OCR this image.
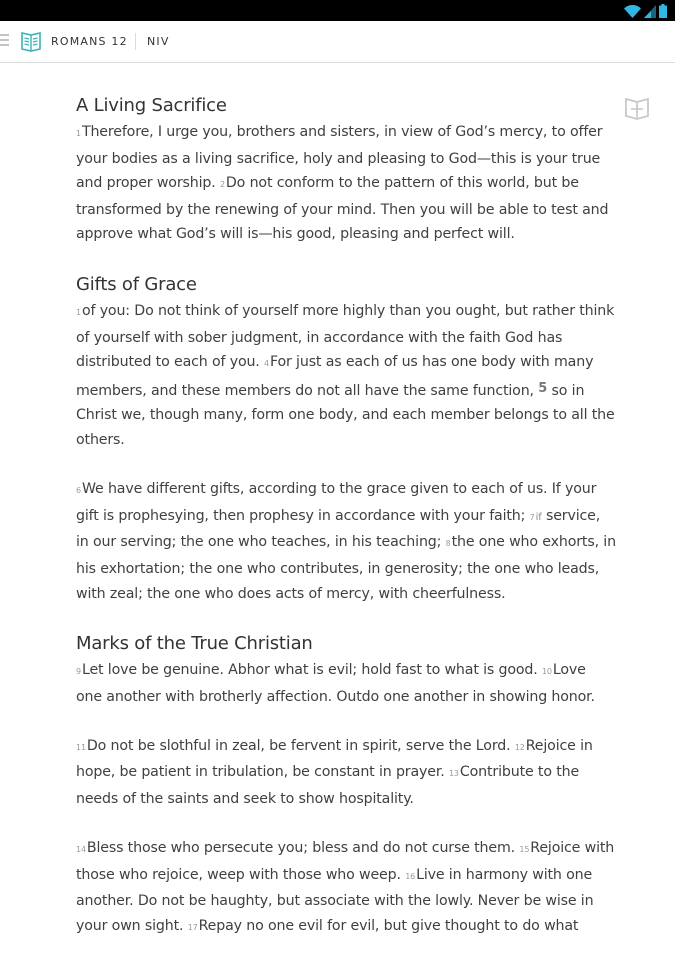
ROMANS 12 NIV
A Living Sacrifice

1Therefore, I urge you, brothers and sisters, in view of God’s mercy, to offer your bodies as a living sacrifice, holy and pleasing to God—this is your true and proper worship. 2Do not conform to the pattern of this world, but be transformed by the renewing of your mind. Then you will be able to test and approve what God’s will is—his good, pleasing and perfect will.

Gifts of Grace

1of you: Do not think of yourself more highly than you ought, but rather think of yourself with sober judgment, in accordance with the faith God has distributed to each of you. 4For just as each of us has one body with many members, and these members do not all have the same function, 5 so in Christ we, though many, form one body, and each member belongs to all the others.

6We have different gifts, according to the grace given to each of us. If your gift is prophesying, then prophesy in accordance with your faith; 7if service, in our serving; the one who teaches, in his teaching; 8the one who exhorts, in his exhortation; the one who contributes, in generosity; the one who leads, with zeal; the one who does acts of mercy, with cheerfulness.

Marks of the True Christian

9Let love be genuine. Abhor what is evil; hold fast to what is good. 10Love one another with brotherly affection. Outdo one another in showing honor.

11Do not be slothful in zeal, be fervent in spirit, serve the Lord. 12Rejoice in hope, be patient in tribulation, be constant in prayer. 13Contribute to the needs of the saints and seek to show hospitality.

14Bless those who persecute you; bless and do not curse them. 15Rejoice with those who rejoice, weep with those who weep. 16Live in harmony with one another. Do not be haughty, but associate with the lowly. Never be wise in your own sight. 17Repay no one evil for evil, but give thought to do what
